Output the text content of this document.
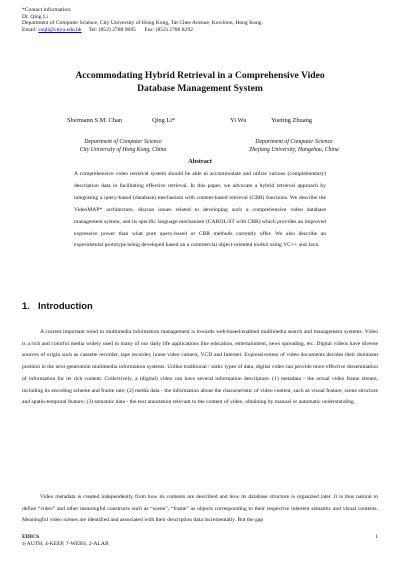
*Contact information:
Dr. Qing Li
Department of Computer Science, City University of Hong Kong, Tat Chee Avenue, Kowloon, Hong Kong.
Email: csqli@cityu.edu.hk Tel: (852) 2788 9695 Fax: (852) 2788 8292
Accommodating Hybrid Retrieval in a Comprehensive Video
Database Management System
Shermann S.M. Chan	Qing Li*	Yi Wu	Yueting Zhuang
Department of Computer Science
City University of Hong Kong, China
Department of Computer Science
Zhejiang University, Hangzhou, China
Abstract
A comprehensive video retrieval system should be able to accommodate and utilize various (complementary) description data in facilitating effective retrieval. In this paper, we advocate a hybrid retrieval approach by integrating a query-based (database) mechanism with content-based retrieval (CBR) functions. We describe the VideoMAP* architecture, discuss issues related to developing such a comprehensive video database management system, and its specific language mechanism (CAROL/ST with CBR) which provides an improved expressive power than what pure query-based or CBR methods currently offer. We also describe an experimental prototype being developed based on a commercial object-oriented toolkit using VC++ and Java.
1. Introduction
A current important trend in multimedia information management is towards web-based/enabled multimedia search and management systems. Video is a rich and colorful media widely used in many of our daily life applications like education, entertainment, news spreading, etc. Digital videos have diverse sources of origin such as cassette recorder, tape recorder, home video camera, VCD and Internet. Expressiveness of video documents decides their dominant position in the next-generation multimedia information systems. Unlike traditional / static types of data, digital video can provide more effective dissemination of information for its rich content. Collectively, a (digital) video can have several information descriptors: (1) metadata - the actual video frame stream, including its encoding scheme and frame rate; (2) media data - the information about the characteristic of video content, such as visual feature, scene structure and spatio-temporal feature; (3) semantic data - the text annotation relevant to the content of video, obtaining by manual or automatic understanding.
Video metadata is created independently from how its contents are described and how its database structure is organized later. It is thus natural to define “video” and other meaningful constructs such as “scene”, “frame” as objects corresponding to their respective inherent semantic and visual contents. Meaningful video scenes are identified and associated with their description data incrementally. But the gap
EDICS
4-AUTH, 4-KEEP, 7-WEBS, 2-ALAR
1
